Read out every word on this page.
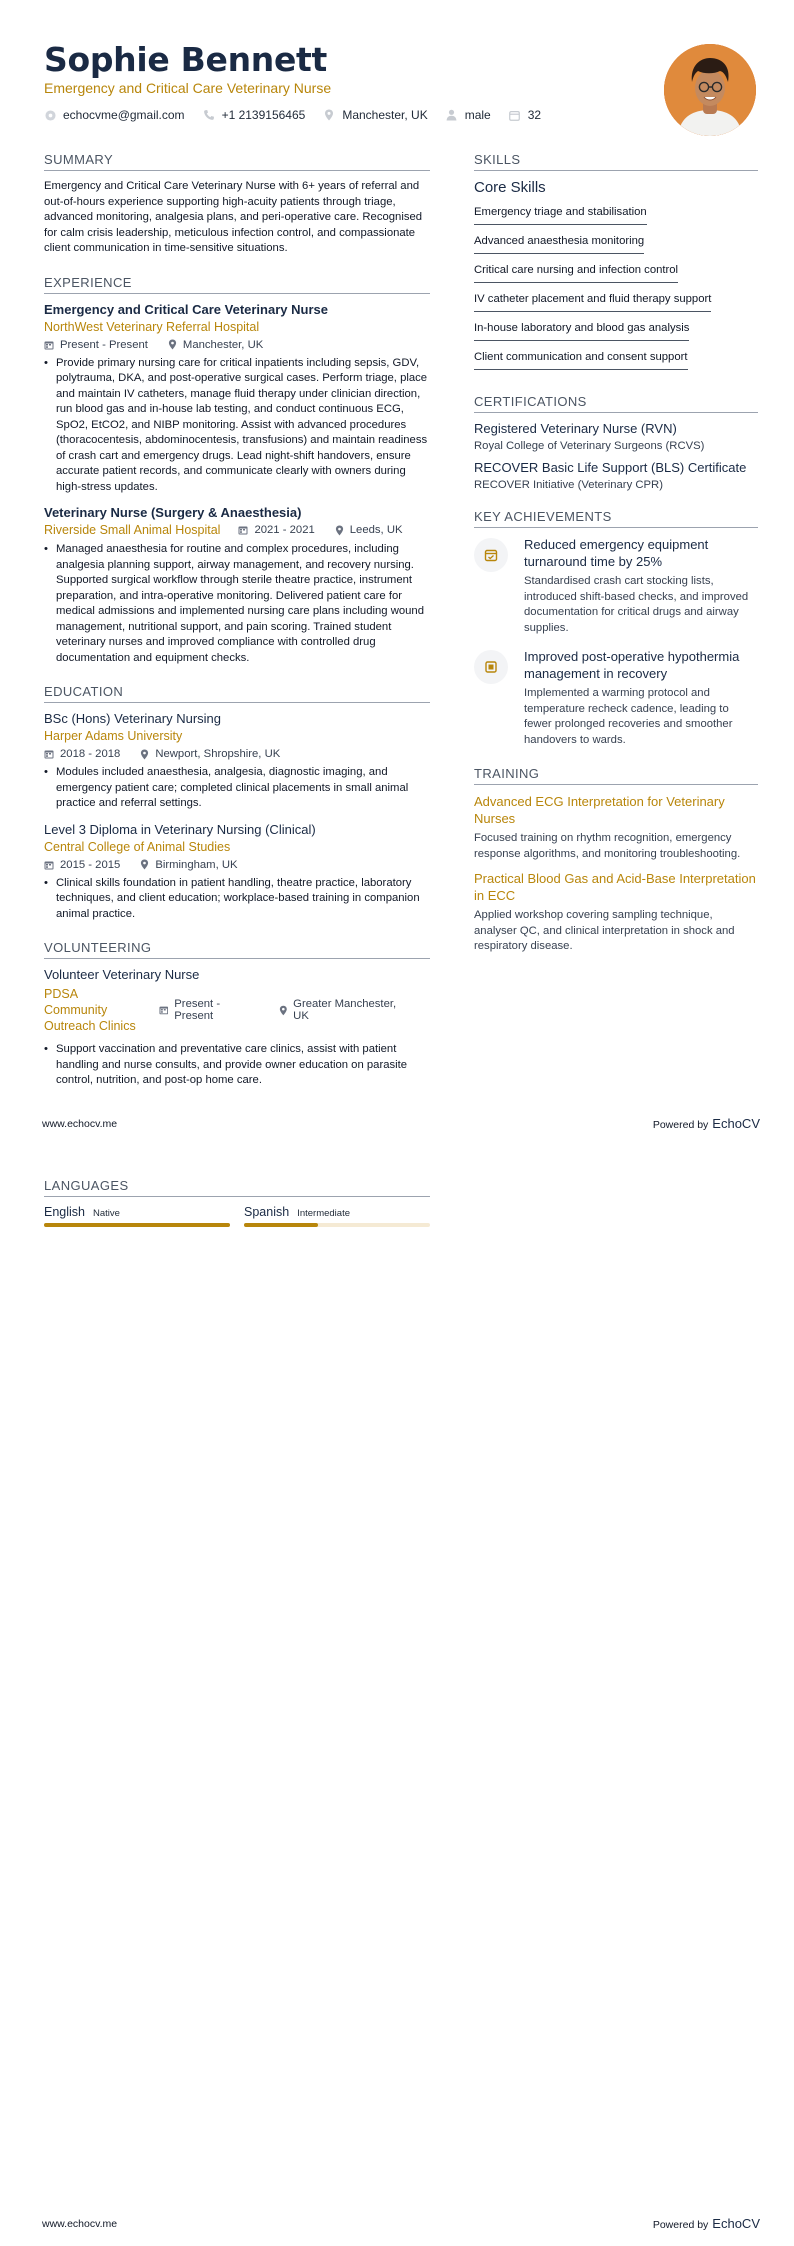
Sophie Bennett
Emergency and Critical Care Veterinary Nurse
echocvme@gmail.com	+1 2139156465	Manchester, UK	male	32
SUMMARY

Emergency and Critical Care Veterinary Nurse with 6+ years of referral and out-of-hours experience supporting high-acuity patients through triage, advanced monitoring, analgesia plans, and peri-operative care. Recognised for calm crisis leadership, meticulous infection control, and compassionate client communication in time-sensitive situations.

EXPERIENCE
Emergency and Critical Care Veterinary Nurse
NorthWest Veterinary Referral Hospital
Present - Present	Manchester, UK
• Provide primary nursing care for critical inpatients including sepsis, GDV, polytrauma, DKA, and post-operative surgical cases. Perform triage, place and maintain IV catheters, manage fluid therapy under clinician direction, run blood gas and in-house lab testing, and conduct continuous ECG, SpO2, EtCO2, and NIBP monitoring. Assist with advanced procedures (thoracocentesis, abdominocentesis, transfusions) and maintain readiness of crash cart and emergency drugs. Lead night-shift handovers, ensure accurate patient records, and communicate clearly with owners during high-stress updates.
Veterinary Nurse (Surgery & Anaesthesia)
Riverside Small Animal Hospital	2021 - 2021	Leeds, UK
• Managed anaesthesia for routine and complex procedures, including analgesia planning support, airway management, and recovery nursing. Supported surgical workflow through sterile theatre practice, instrument preparation, and intra-operative monitoring. Delivered patient care for medical admissions and implemented nursing care plans including wound management, nutritional support, and pain scoring. Trained student veterinary nurses and improved compliance with controlled drug documentation and equipment checks.
EDUCATION
BSc (Hons) Veterinary Nursing
Harper Adams University
2018 - 2018	Newport, Shropshire, UK
• Modules included anaesthesia, analgesia, diagnostic imaging, and emergency patient care; completed clinical placements in small animal practice and referral settings.
Level 3 Diploma in Veterinary Nursing (Clinical)
Central College of Animal Studies
2015 - 2015	Birmingham, UK
• Clinical skills foundation in patient handling, theatre practice, laboratory techniques, and client education; workplace-based training in companion animal practice.
VOLUNTEERING
Volunteer Veterinary Nurse
PDSA Community
Outreach Clinics
Present - Present
Greater Manchester, UK
• Support vaccination and preventative care clinics, assist with patient handling and nurse consults, and provide owner education on parasite control, nutrition, and post-op home care.
SKILLS
Core Skills
Emergency triage and stabilisation
Advanced anaesthesia monitoring
Critical care nursing and infection control
IV catheter placement and fluid therapy support
In-house laboratory and blood gas analysis
Client communication and consent support
CERTIFICATIONS
Registered Veterinary Nurse (RVN)
Royal College of Veterinary Surgeons (RCVS)
RECOVER Basic Life Support (BLS) Certificate
RECOVER Initiative (Veterinary CPR)
KEY ACHIEVEMENTS
Reduced emergency equipment turnaround time by 25%
Standardised crash cart stocking lists, introduced shift-based checks, and improved documentation for critical drugs and airway supplies.
Improved post-operative hypothermia management in recovery
Implemented a warming protocol and temperature recheck cadence, leading to fewer prolonged recoveries and smoother handovers to wards.
TRAINING
Advanced ECG Interpretation for Veterinary Nurses
Focused training on rhythm recognition, emergency response algorithms, and monitoring troubleshooting.
Practical Blood Gas and Acid-Base Interpretation in ECC
Applied workshop covering sampling technique, analyser QC, and clinical interpretation in shock and respiratory disease.
www.echocv.me	Powered by EchoCV
LANGUAGES
English Native	Spanish Intermediate
www.echocv.me	Powered by EchoCV
